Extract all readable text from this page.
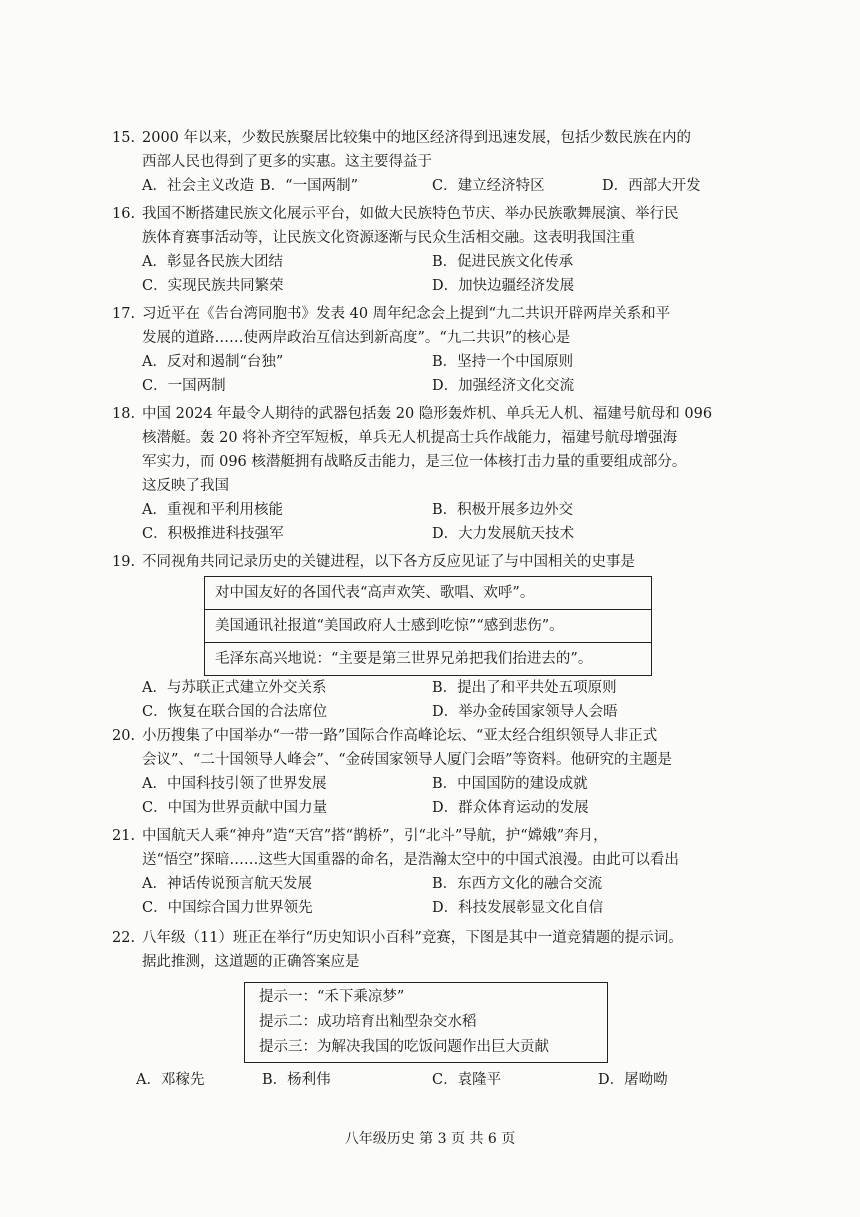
15. 2000 年以来，少数民族聚居比较集中的地区经济得到迅速发展，包括少数民族在内的
西部人民也得到了更多的实惠。这主要得益于
A．社会主义改造 B．“一国两制”	C．建立经济特区	D．西部大开发
16. 我国不断搭建民族文化展示平台，如做大民族特色节庆、举办民族歌舞展演、举行民
族体育赛事活动等，让民族文化资源逐渐与民众生活相交融。这表明我国注重
A．彰显各民族大团结	B．促进民族文化传承
C．实现民族共同繁荣	D．加快边疆经济发展
17. 习近平在《告台湾同胞书》发表 40 周年纪念会上提到“九二共识开辟两岸关系和平
发展的道路……使两岸政治互信达到新高度”。“九二共识”的核心是
A．反对和遏制“台独”	B．坚持一个中国原则
C．一国两制	D．加强经济文化交流
18. 中国 2024 年最令人期待的武器包括轰 20 隐形轰炸机、单兵无人机、福建号航母和 096
核潜艇。轰 20 将补齐空军短板，单兵无人机提高士兵作战能力，福建号航母增强海
军实力，而 096 核潜艇拥有战略反击能力，是三位一体核打击力量的重要组成部分。
这反映了我国
A．重视和平利用核能	B．积极开展多边外交
C．积极推进科技强军	D．大力发展航天技术
19. 不同视角共同记录历史的关键进程，以下各方反应见证了与中国相关的史事是
对中国友好的各国代表“高声欢笑、歌唱、欢呼”。
美国通讯社报道“美国政府人士感到吃惊”“感到悲伤”。
毛泽东高兴地说：“主要是第三世界兄弟把我们抬进去的”。
A．与苏联正式建立外交关系	B．提出了和平共处五项原则
C．恢复在联合国的合法席位	D．举办金砖国家领导人会晤
20. 小历搜集了中国举办“一带一路”国际合作高峰论坛、“亚太经合组织领导人非正式
会议”、“二十国领导人峰会”、“金砖国家领导人厦门会晤”等资料。他研究的主题是
A．中国科技引领了世界发展	B．中国国防的建设成就
C．中国为世界贡献中国力量	D．群众体育运动的发展
21. 中国航天人乘“神舟”造“天宫”搭“鹊桥”，引“北斗”导航，护“嫦娥”奔月，
送“悟空”探暗……这些大国重器的命名，是浩瀚太空中的中国式浪漫。由此可以看出
A．神话传说预言航天发展	B．东西方文化的融合交流
C．中国综合国力世界领先	D．科技发展彰显文化自信
22. 八年级（11）班正在举行“历史知识小百科”竞赛，下图是其中一道竞猜题的提示词。
据此推测，这道题的正确答案应是
提示一：“禾下乘凉梦”
提示二：成功培育出籼型杂交水稻
提示三：为解决我国的吃饭问题作出巨大贡献
A．邓稼先	B．杨利伟	C．袁隆平	D．屠呦呦
八年级历史 第 3 页 共 6 页
